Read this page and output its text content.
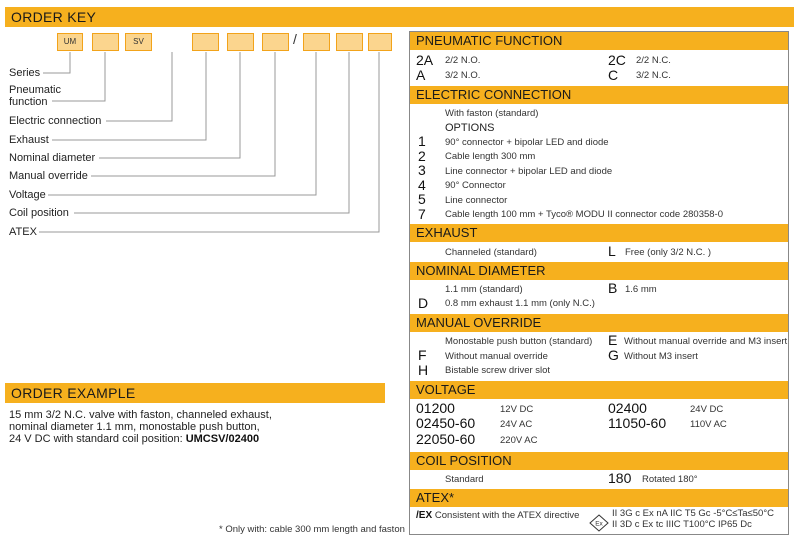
ORDER KEY
UM	SV	/
Series
Pneumatic function
Electric connection
Exhaust
Nominal diameter
Manual override
Voltage
Coil position
ATEX
ORDER EXAMPLE
15 mm 3/2 N.C. valve with faston, channeled exhaust,
nominal diameter 1.1 mm, monostable push button,
24 V DC with standard coil position: UMCSV/02400
* Only with: cable 300 mm length and faston
PNEUMATIC FUNCTION
2A 2/2 N.O.	2C 2/2 N.C.
A 3/2 N.O.	C 3/2 N.C.
ELECTRIC CONNECTION
With faston (standard)
OPTIONS
1 90° connector + bipolar LED and diode
2 Cable length 300 mm
3 Line connector + bipolar LED and diode
4 90° Connector
5 Line connector
7 Cable length 100 mm + Tyco® MODU II connector code 280358-0
EXHAUST
Channeled (standard)	L Free (only 3/2 N.C. )
NOMINAL DIAMETER
1.1 mm (standard)	B 1.6 mm
D 0.8 mm exhaust 1.1 mm (only N.C.)
MANUAL OVERRIDE
Monostable push button (standard) E Without manual override and M3 insert
F Without manual override	G Without M3 insert
H Bistable screw driver slot
VOLTAGE
01200	12V DC	02400	24V DC
02450-60	24V AC	11050-60	110V AC
22050-60	220V AC
COIL POSITION
Standard	180 Rotated 180°
ATEX*
/EX Consistent with the ATEX directive
Ex
II 3G c Ex nA IIC T5 Gc -5°C≤Ta≤50°C
II 3D c Ex tc IIIC T100°C IP65 Dc
